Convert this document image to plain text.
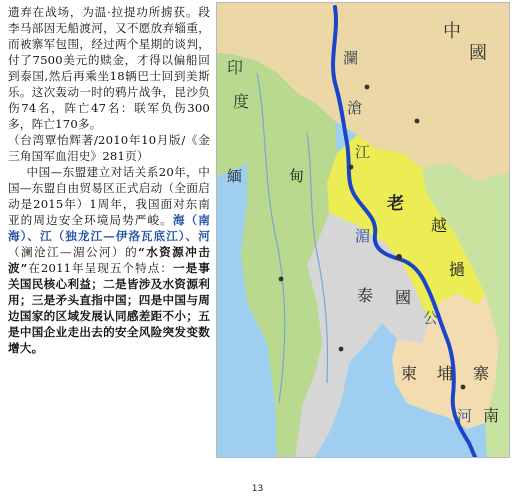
遗弃在战场，为温·拉提功所掳获。段李马部因无船渡河，又不愿放弃辎重，而被寨军包围，经过两个星期的谈判，付了7500美元的赎金，才得以偏船回到泰国,然后再乘坐18辆巴士回到美斯乐。这次轰动一时的鸦片战争，昆沙负伤74名，阵亡47名：联军负伤300多，阵亡170多。

（台湾覃怡辉著/2010年10月版/《金三角国军血泪史》281页）

中国—东盟建立对话关系20年，中国—东盟自由贸易区正式启动（全面启动是2015年）1周年，我国面对东南亚的周边安全环境局势严峻。海（南海）、江（独龙江—伊洛瓦底江）、河（澜沧江—湄公河）的“水资源冲击波”在2011年呈现五个特点：一是事关国民核心利益；二是皆涉及水资源利用；三是矛头直指中国；四是中国与周边国家的区域发展认同感差距不小；五是中国企业走出去的安全风险突发变数增大。

中
國
印
度
瀾
滄
江
老
越
撾
湄
公
河
泰 國
緬	甸
柬 埔 寨
南
13
